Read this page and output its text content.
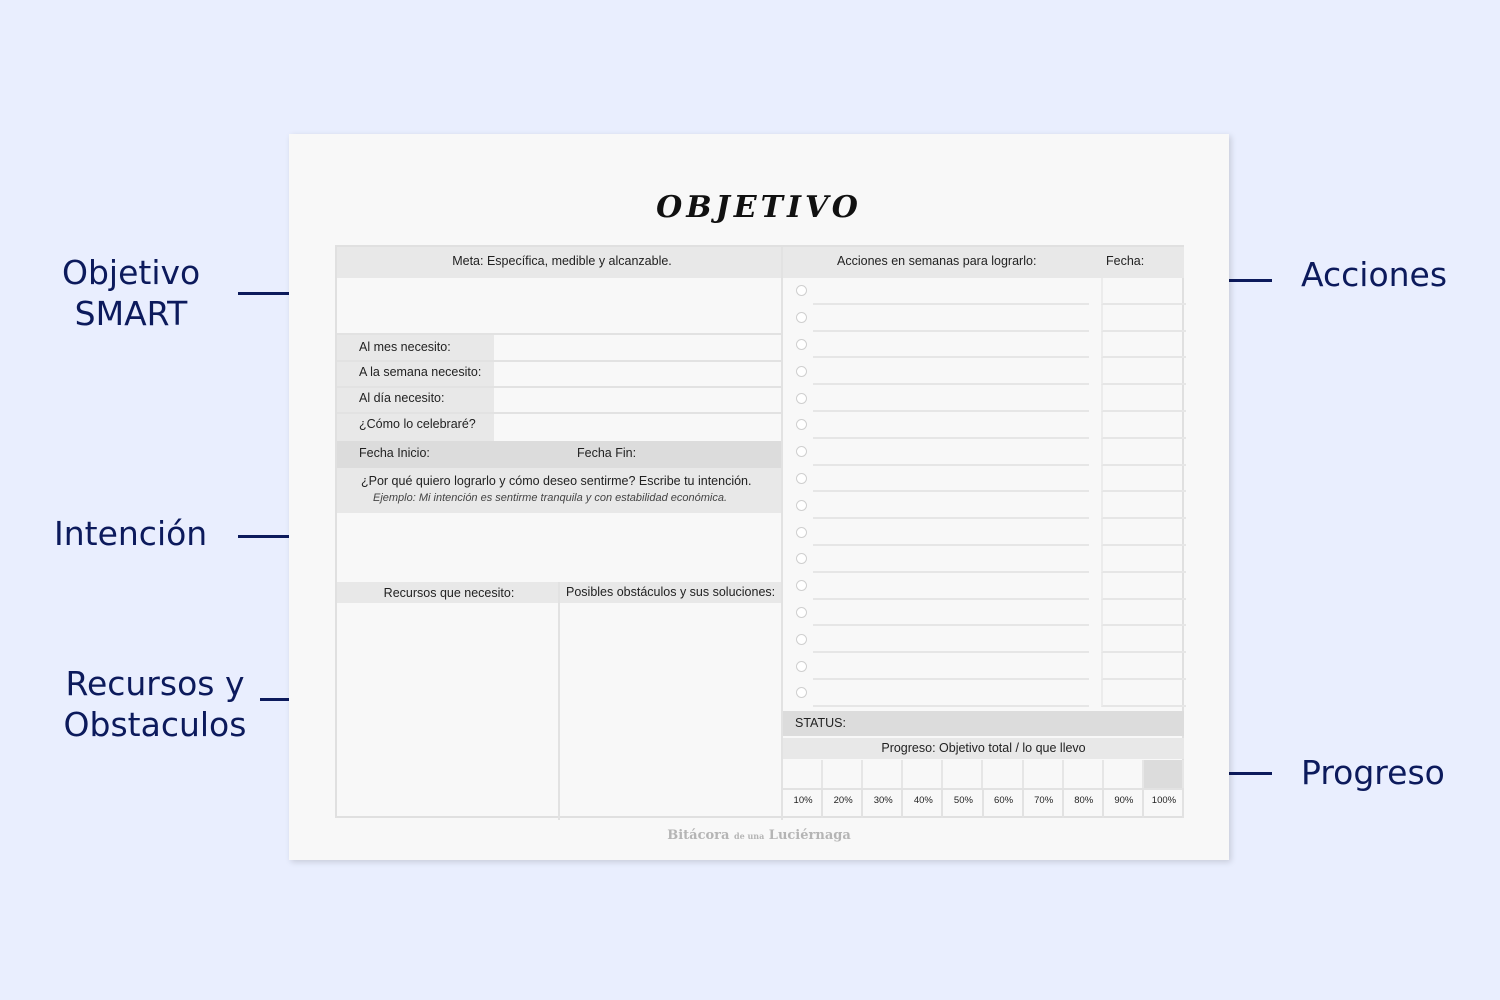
Objetivo
SMART
Intención
Recursos y
Obstaculos
Acciones
Progreso
OBJETIVO
Meta: Específica, medible y alcanzable.
Al mes necesito:
A la semana necesito:
Al día necesito:
¿Cómo lo celebraré?
Fecha Inicio:	Fecha Fin:
¿Por qué quiero lograrlo y cómo deseo sentirme? Escribe tu intención.
Ejemplo: Mi intención es sentirme tranquila y con estabilidad económica.
Recursos que necesito:	Posibles obstáculos y sus soluciones:
Acciones en semanas para lograrlo:	Fecha:
STATUS:
Progreso: Objetivo total / lo que llevo
10%	20%	30%	40%	50%	60%	70%	80%	90%	100%
Bitácora de una Luciérnaga
